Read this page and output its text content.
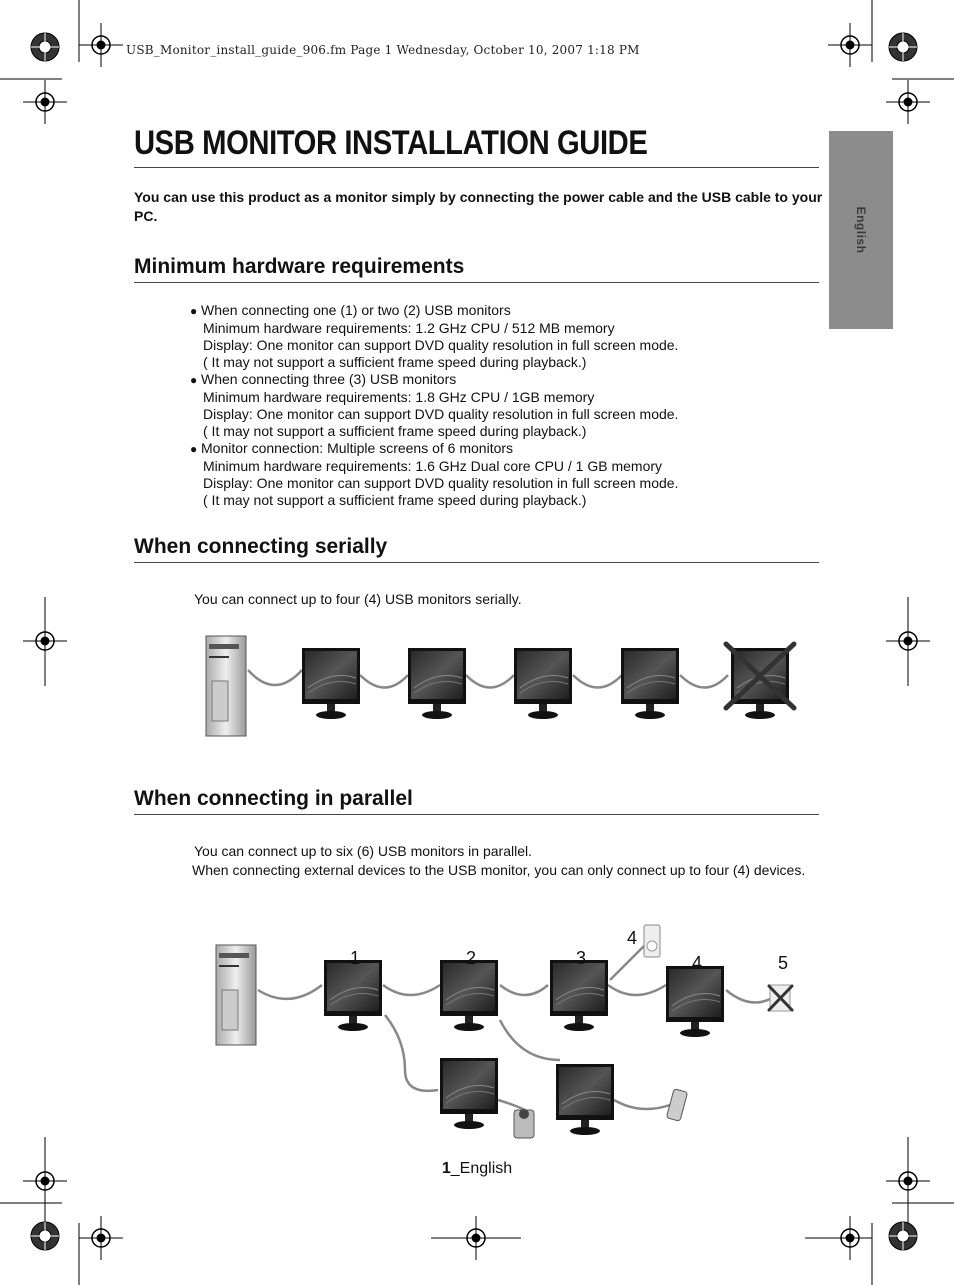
USB_Monitor_install_guide_906.fm Page 1 Wednesday, October 10, 2007 1:18 PM
English
USB MONITOR INSTALLATION GUIDE
You can use this product as a monitor simply by connecting the power cable and the USB cable to your PC.
Minimum hardware requirements
● When connecting one (1) or two (2) USB monitors
Minimum hardware requirements: 1.2 GHz CPU / 512 MB memory
Display: One monitor can support DVD quality resolution in full screen mode.
( It may not support a sufficient frame speed during playback.)
● When connecting three (3) USB monitors
Minimum hardware requirements: 1.8 GHz CPU / 1GB memory
Display: One monitor can support DVD quality resolution in full screen mode.
( It may not support a sufficient frame speed during playback.)
● Monitor connection: Multiple screens of 6 monitors
Minimum hardware requirements: 1.6 GHz Dual core CPU / 1 GB memory
Display: One monitor can support DVD quality resolution in full screen mode.
( It may not support a sufficient frame speed during playback.)
When connecting serially
You can connect up to four (4) USB monitors serially.
When connecting in parallel
You can connect up to six (6) USB monitors in parallel.
When connecting external devices to the USB monitor, you can only connect up to four (4) devices.
1	2	3
4
4	5
1_English
